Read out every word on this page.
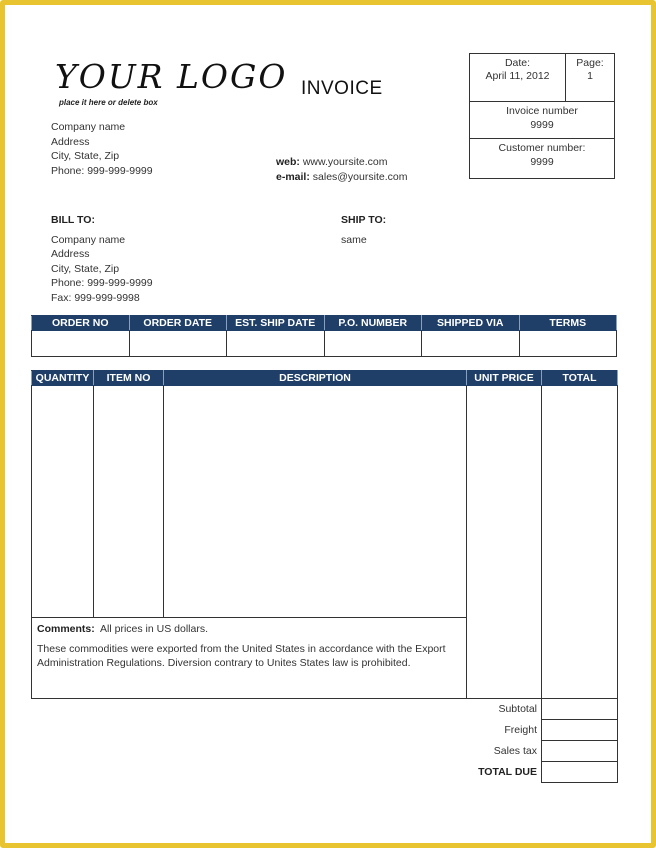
YOUR LOGO
place it here or delete box
Company name
Address
City, State, Zip
Phone: 999-999-9999
INVOICE
web: www.yoursite.com
e-mail: sales@yoursite.com
Date:
April 11, 2012
Page:
1
Invoice number
9999
Customer number:
9999
BILL TO:
Company name
Address
City, State, Zip
Phone: 999-999-9999
Fax: 999-999-9998
SHIP TO:
same
ORDER NO	ORDER DATE	EST. SHIP DATE	P.O. NUMBER	SHIPPED VIA	TERMS

QUANTITY	ITEM NO	DESCRIPTION	UNIT PRICE	TOTAL

Comments: All prices in US dollars.
These commodities were exported from the United States in accordance with the Export Administration Regulations. Diversion contrary to Unites States law is prohibited.				

			Subtotal	
			Freight	
			Sales tax	
			TOTAL DUE	
